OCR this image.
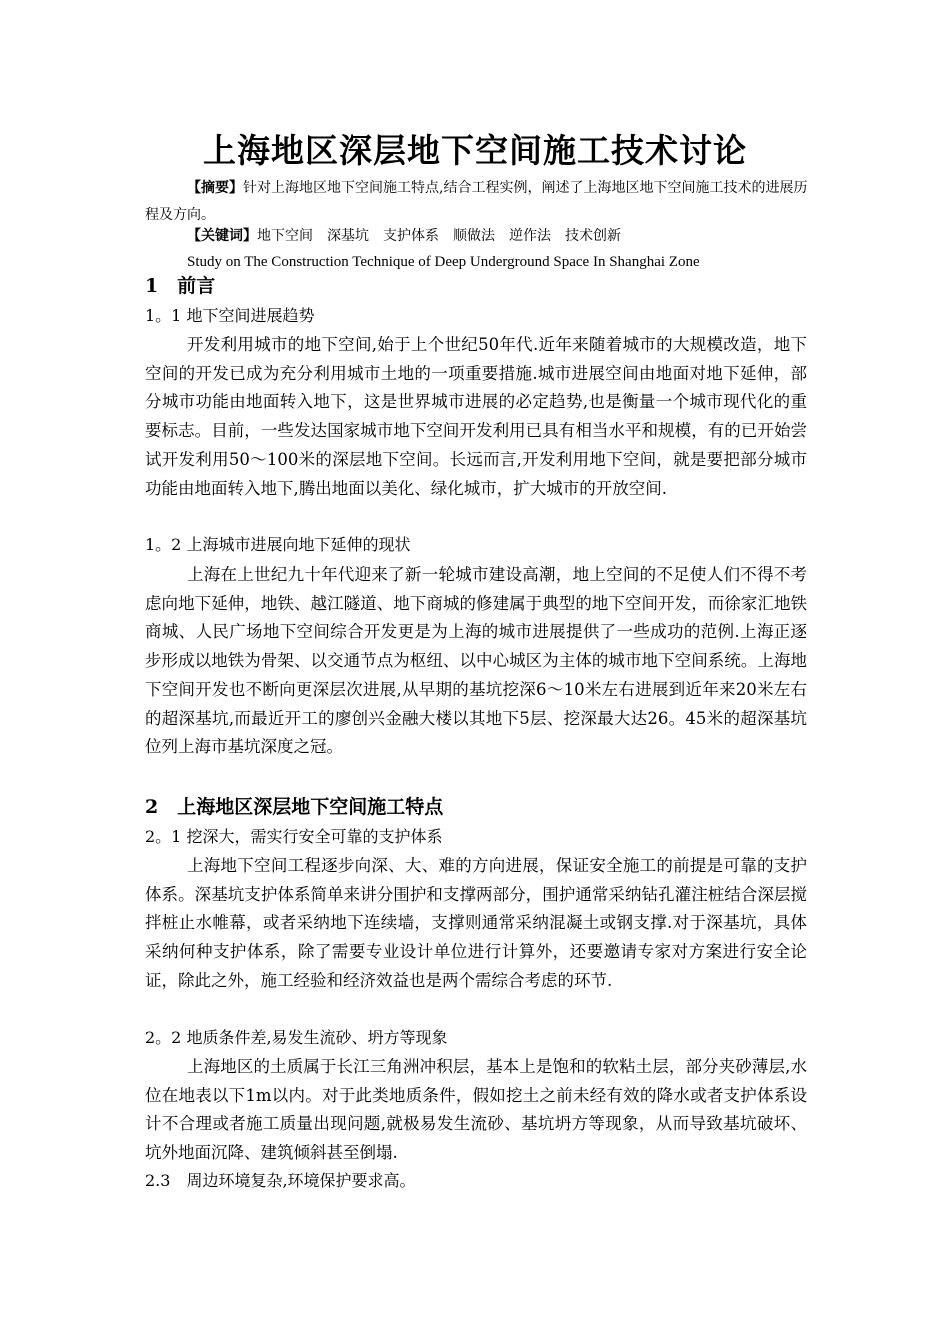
上海地区深层地下空间施工技术讨论
【摘要】针对上海地区地下空间施工特点,结合工程实例，阐述了上海地区地下空间施工技术的进展历程及方向。
【关键词】地下空间 深基坑 支护体系 顺做法 逆作法 技术创新
Study on The Construction Technique of Deep Underground Space In Shanghai Zone
1　前言
1。1 地下空间进展趋势
开发利用城市的地下空间,始于上个世纪50年代.近年来随着城市的大规模改造，地下空间的开发已成为充分利用城市土地的一项重要措施.城市进展空间由地面对地下延伸，部分城市功能由地面转入地下，这是世界城市进展的必定趋势,也是衡量一个城市现代化的重要标志。目前，一些发达国家城市地下空间开发利用已具有相当水平和规模，有的已开始尝试开发利用50～100米的深层地下空间。长远而言,开发利用地下空间，就是要把部分城市功能由地面转入地下,腾出地面以美化、绿化城市，扩大城市的开放空间.
1。2 上海城市进展向地下延伸的现状
上海在上世纪九十年代迎来了新一轮城市建设高潮，地上空间的不足使人们不得不考虑向地下延伸，地铁、越江隧道、地下商城的修建属于典型的地下空间开发，而徐家汇地铁商城、人民广场地下空间综合开发更是为上海的城市进展提供了一些成功的范例.上海正逐步形成以地铁为骨架、以交通节点为枢纽、以中心城区为主体的城市地下空间系统。上海地下空间开发也不断向更深层次进展,从早期的基坑挖深6～10米左右进展到近年来20米左右的超深基坑,而最近开工的廖创兴金融大楼以其地下5层、挖深最大达26。45米的超深基坑位列上海市基坑深度之冠。
2　上海地区深层地下空间施工特点
2。1 挖深大，需实行安全可靠的支护体系
上海地下空间工程逐步向深、大、难的方向进展，保证安全施工的前提是可靠的支护体系。深基坑支护体系简单来讲分围护和支撑两部分，围护通常采纳钻孔灌注桩结合深层搅拌桩止水帷幕，或者采纳地下连续墙，支撑则通常采纳混凝土或钢支撑.对于深基坑，具体采纳何种支护体系，除了需要专业设计单位进行计算外，还要邀请专家对方案进行安全论证，除此之外，施工经验和经济效益也是两个需综合考虑的环节.
2。2 地质条件差,易发生流砂、坍方等现象
上海地区的土质属于长江三角洲冲积层，基本上是饱和的软粘土层，部分夹砂薄层,水位在地表以下1m以内。对于此类地质条件，假如挖土之前未经有效的降水或者支护体系设计不合理或者施工质量出现问题,就极易发生流砂、基坑坍方等现象，从而导致基坑破坏、坑外地面沉降、建筑倾斜甚至倒塌.
2.3　周边环境复杂,环境保护要求高。
